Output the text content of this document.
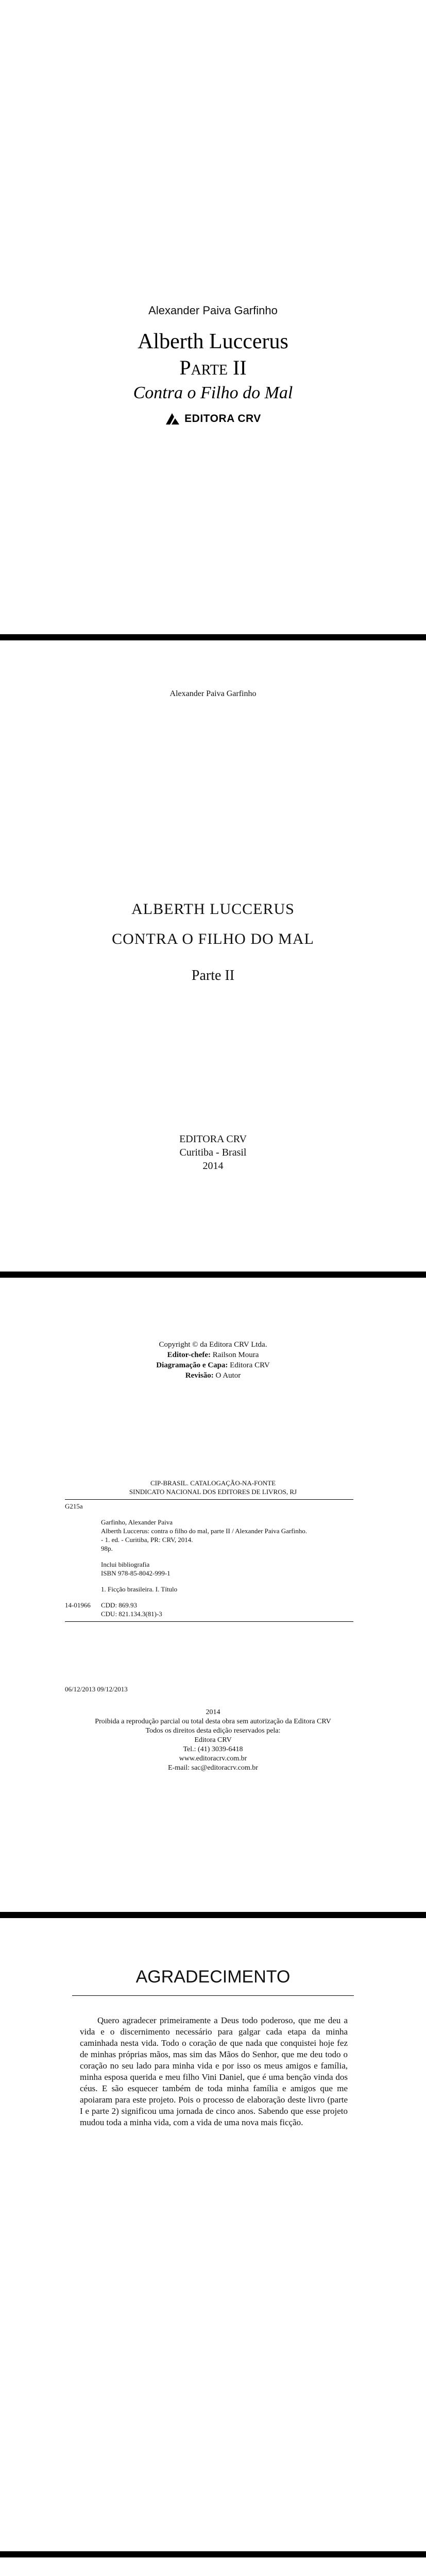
Alexander Paiva Garfinho
Alberth Luccerus
Parte II
Contra o Filho do Mal
EDITORA CRV
Alexander Paiva Garfinho
ALBERTH LUCCERUS
CONTRA O FILHO DO MAL
Parte II
EDITORA CRV
Curitiba - Brasil
2014
Copyright © da Editora CRV Ltda.
Editor-chefe: Railson Moura
Diagramação e Capa: Editora CRV
Revisão: O Autor
CIP-BRASIL. CATALOGAÇÃO-NA-FONTE
SINDICATO NACIONAL DOS EDITORES DE LIVROS, RJ
G215a
Garfinho, Alexander Paiva
Alberth Luccerus: contra o filho do mal, parte II / Alexander Paiva Garfinho.
- 1. ed. - Curitiba, PR: CRV, 2014.
98p.
Inclui bibliografia
ISBN 978-85-8042-999-1
1. Ficção brasileira. I. Título
14-01966	CDD: 869.93
CDU: 821.134.3(81)-3
06/12/2013 09/12/2013
2014
Proibida a reprodução parcial ou total desta obra sem autorização da Editora CRV
Todos os direitos desta edição reservados pela:
Editora CRV
Tel.: (41) 3039-6418
www.editoracrv.com.br
E-mail: sac@editoracrv.com.br
AGRADECIMENTO

Quero agradecer primeiramente a Deus todo poderoso, que me deu a vida e o discernimento necessário para galgar cada etapa da minha caminhada nesta vida. Todo o coração de que nada que conquistei hoje fez de minhas próprias mãos, mas sim das Mãos do Senhor, que me deu todo o coração no seu lado para minha vida e por isso os meus amigos e família, minha esposa querida e meu filho Vini Daniel, que é uma benção vinda dos céus. E são esquecer também de toda minha família e amigos que me apoiaram para este projeto. Pois o processo de elaboração deste livro (parte I e parte 2) significou uma jornada de cinco anos. Sabendo que esse projeto mudou toda a minha vida, com a vida de uma nova mais ficção.
